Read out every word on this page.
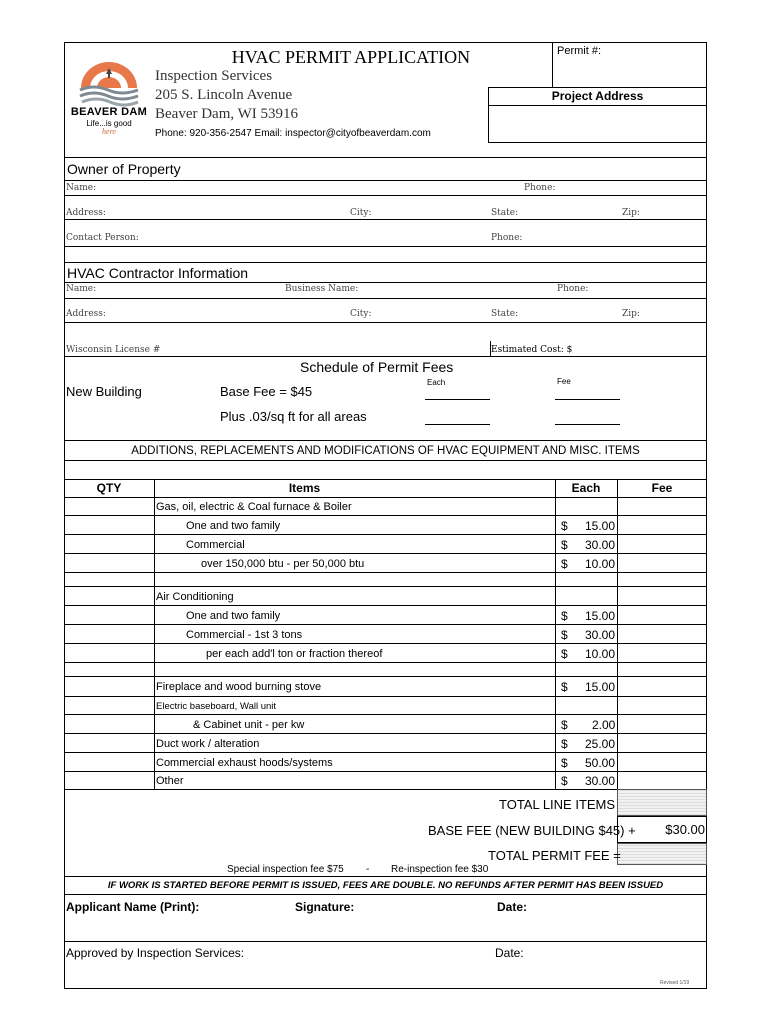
BEAVER DAM
Life...is good
here
HVAC PERMIT APPLICATION
Inspection Services
205 S. Lincoln Avenue
Beaver Dam, WI 53916
Phone: 920-356-2547 Email: inspector@cityofbeaverdam.com
Permit #:
Project Address
Owner of Property
Name:	Phone:
Address:	City:	State:	Zip:
Contact Person:	Phone:
HVAC Contractor Information
Name:	Business Name:	Phone:
Address:	City:	State:	Zip:
Wisconsin License #	Estimated Cost: $
Schedule of Permit Fees
Each	Fee
New Building	Base Fee = $45
Plus .03/sq ft for all areas
ADDITIONS, REPLACEMENTS AND MODIFICATIONS OF HVAC EQUIPMENT AND MISC. ITEMS
QTY	Items	Each	Fee
Gas, oil, electric & Coal furnace & Boiler
One and two family	$ 15.00
Commercial	$ 30.00
over 150,000 btu - per 50,000 btu	$ 10.00
Air Conditioning
One and two family	$ 15.00
Commercial - 1st 3 tons	$ 30.00
per each add'l ton or fraction thereof	$ 10.00
Fireplace and wood burning stove	$ 15.00
Electric baseboard, Wall unit
& Cabinet unit - per kw	$ 2.00
Duct work / alteration	$ 25.00
Commercial exhaust hoods/systems	$ 50.00
Other	$ 30.00
TOTAL LINE ITEMS
BASE FEE (NEW BUILDING $45) +	$30.00
TOTAL PERMIT FEE =
Special inspection fee $75 - Re-inspection fee $30
IF WORK IS STARTED BEFORE PERMIT IS ISSUED, FEES ARE DOUBLE. NO REFUNDS AFTER PERMIT HAS BEEN ISSUED
Applicant Name (Print):	Signature:	Date:
Approved by Inspection Services:	Date:
Revised 1/19
